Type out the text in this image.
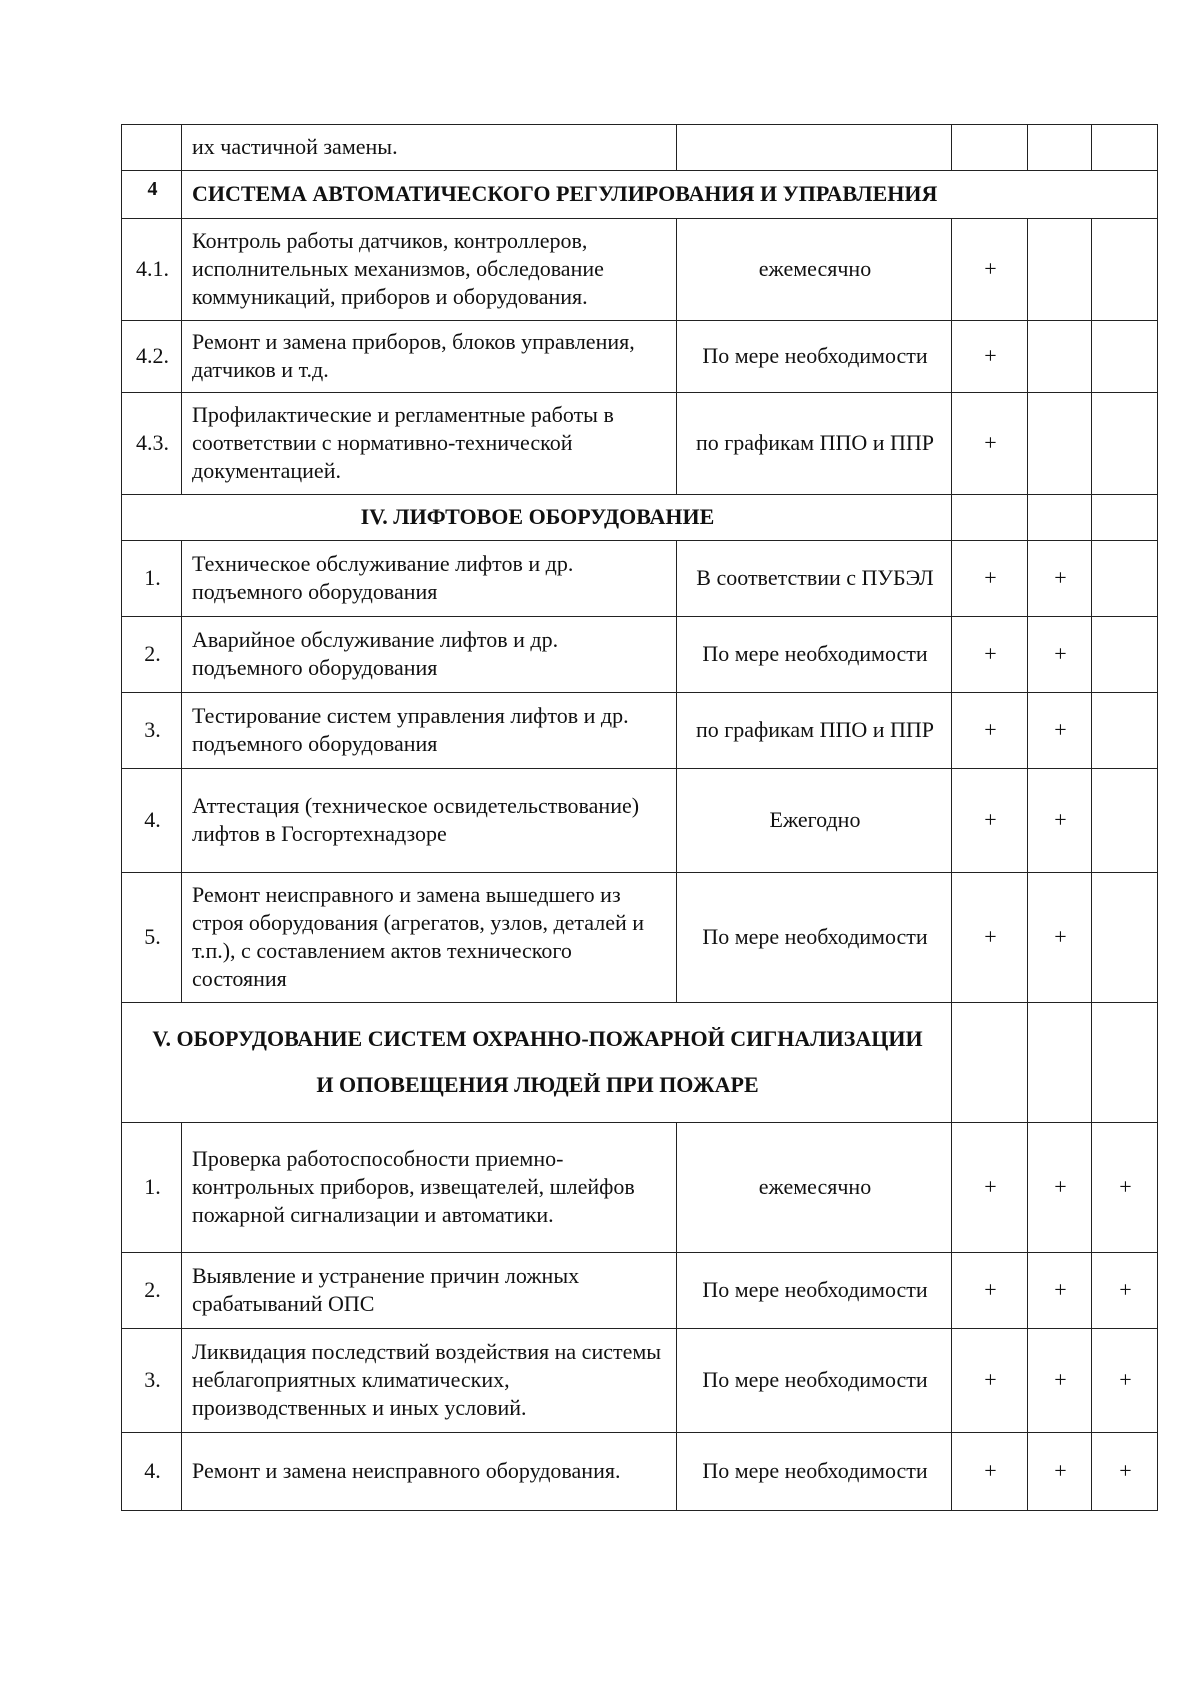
	их частичной замены.				
4	СИСТЕМА АВТОМАТИЧЕСКОГО РЕГУЛИРОВАНИЯ И УПРАВЛЕНИЯ				
4.1.	Контроль работы датчиков, контроллеров, исполнительных механизмов, обследование коммуникаций, приборов и оборудования.	ежемесячно	+		
4.2.	Ремонт и замена приборов, блоков управления, датчиков и т.д.	По мере необходимости	+		
4.3.	Профилактические и регламентные работы в соответствии с нормативно-технической документацией.	по графикам ППО и ППР	+		
IV. ЛИФТОВОЕ ОБОРУДОВАНИЕ					
1.	Техническое обслуживание лифтов и др. подъемного оборудования	В соответствии с ПУБЭЛ	+	+	
2.	Аварийное обслуживание лифтов и др. подъемного оборудования	По мере необходимости	+	+	
3.	Тестирование систем управления лифтов и др. подъемного оборудования	по графикам ППО и ППР	+	+	
4.	Аттестация (техническое освидетельствование) лифтов в Госгортехнадзоре	Ежегодно	+	+	
5.	Ремонт неисправного и замена вышедшего из строя оборудования (агрегатов, узлов, деталей и т.п.), с составлением актов технического состояния	По мере необходимости	+	+	
V. ОБОРУДОВАНИЕ СИСТЕМ ОХРАННО-ПОЖАРНОЙ СИГНАЛИЗАЦИИ
И ОПОВЕЩЕНИЯ ЛЮДЕЙ ПРИ ПОЖАРЕ					
1.	Проверка работоспособности приемно-контрольных приборов, извещателей, шлейфов пожарной сигнализации и автоматики.	ежемесячно	+	+	+
2.	Выявление и устранение причин ложных срабатываний ОПС	По мере необходимости	+	+	+
3.	Ликвидация последствий воздействия на системы неблагоприятных климатических, производственных и иных условий.	По мере необходимости	+	+	+
4.	Ремонт и замена неисправного оборудования.	По мере необходимости	+	+	+
